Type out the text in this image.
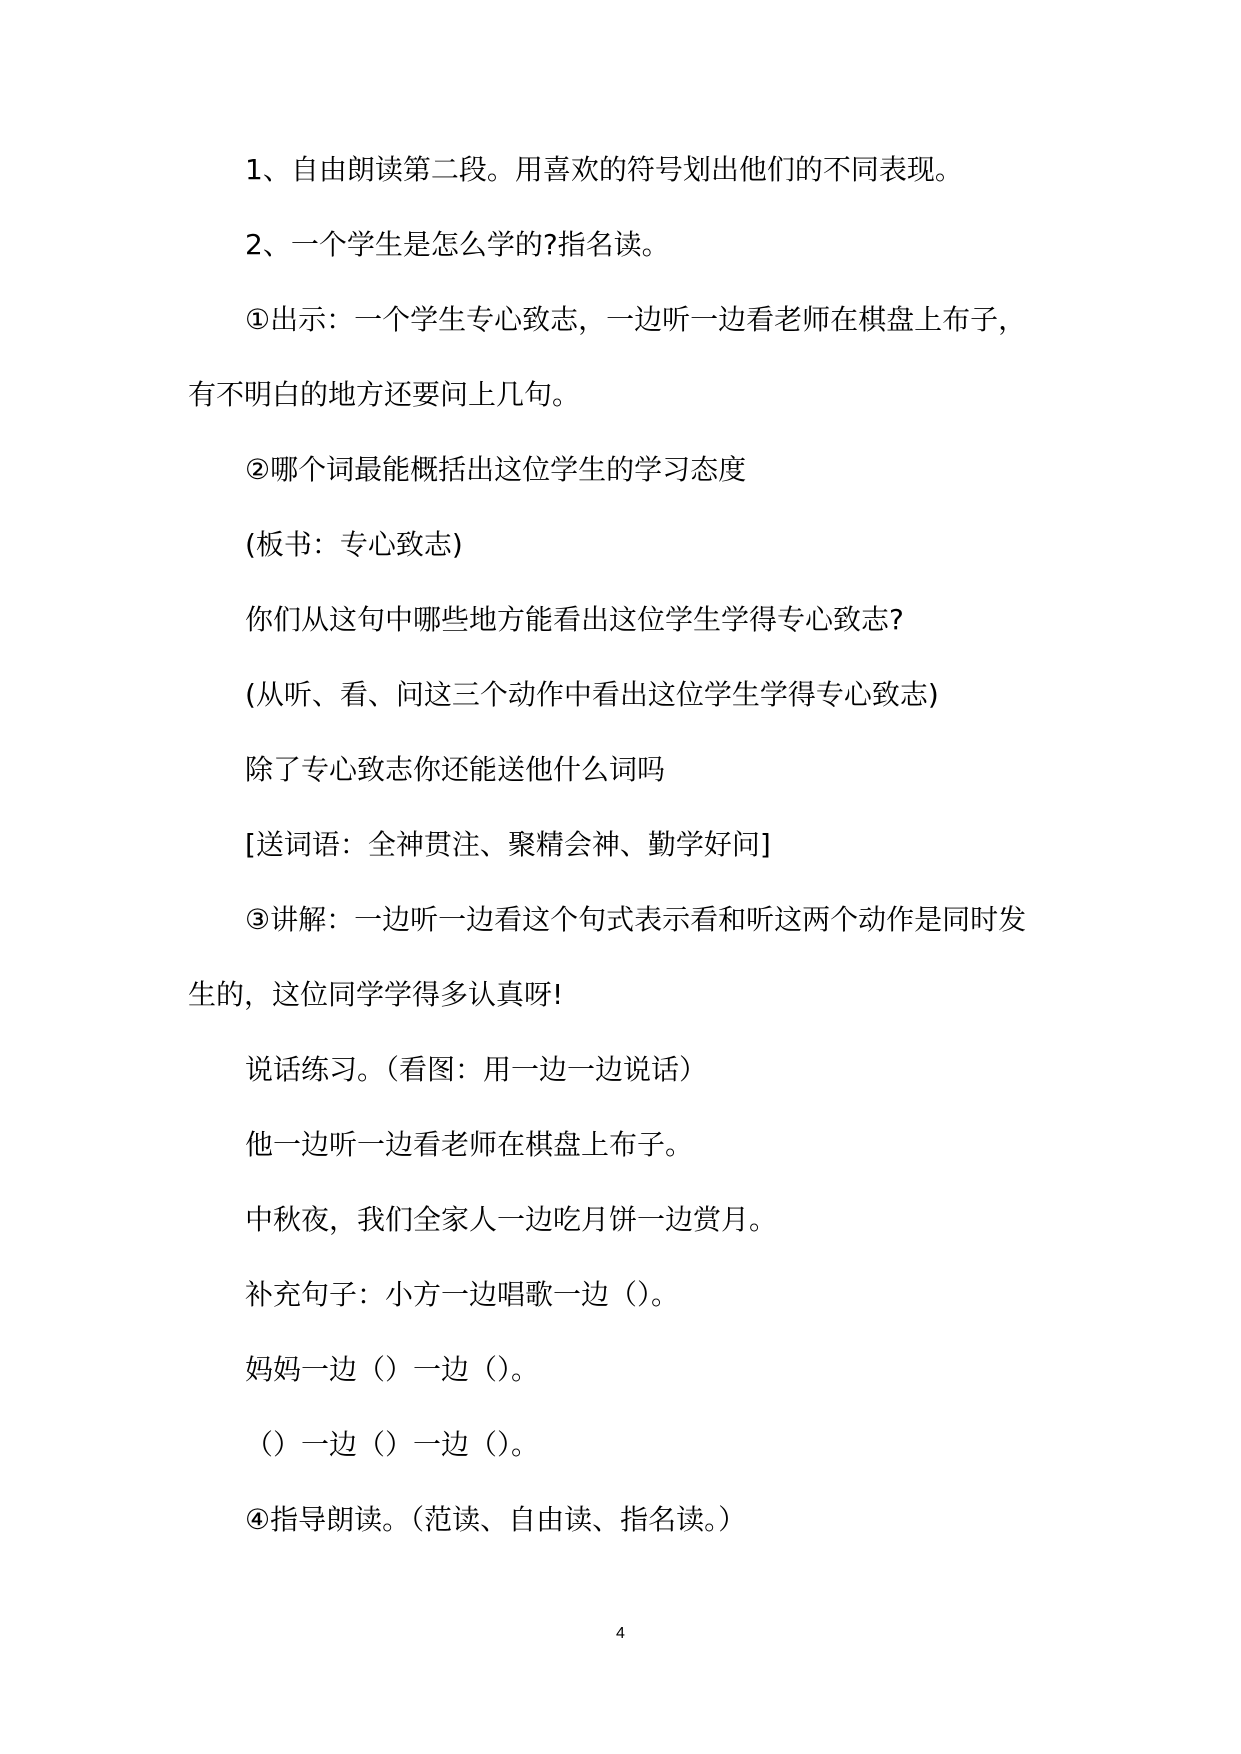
1、自由朗读第二段。用喜欢的符号划出他们的不同表现。
2、一个学生是怎么学的?指名读。
①出示：一个学生专心致志，一边听一边看老师在棋盘上布子，
有不明白的地方还要问上几句。
②哪个词最能概括出这位学生的学习态度
(板书：专心致志)
你们从这句中哪些地方能看出这位学生学得专心致志?
(从听、看、问这三个动作中看出这位学生学得专心致志)
除了专心致志你还能送他什么词吗
[送词语：全神贯注、聚精会神、勤学好问]
③讲解：一边听一边看这个句式表示看和听这两个动作是同时发
生的，这位同学学得多认真呀!
说话练习。（看图：用一边一边说话）
他一边听一边看老师在棋盘上布子。
中秋夜，我们全家人一边吃月饼一边赏月。
补充句子：小方一边唱歌一边（）。
妈妈一边（）一边（）。
（）一边（）一边（）。
④指导朗读。（范读、自由读、指名读。）
4
